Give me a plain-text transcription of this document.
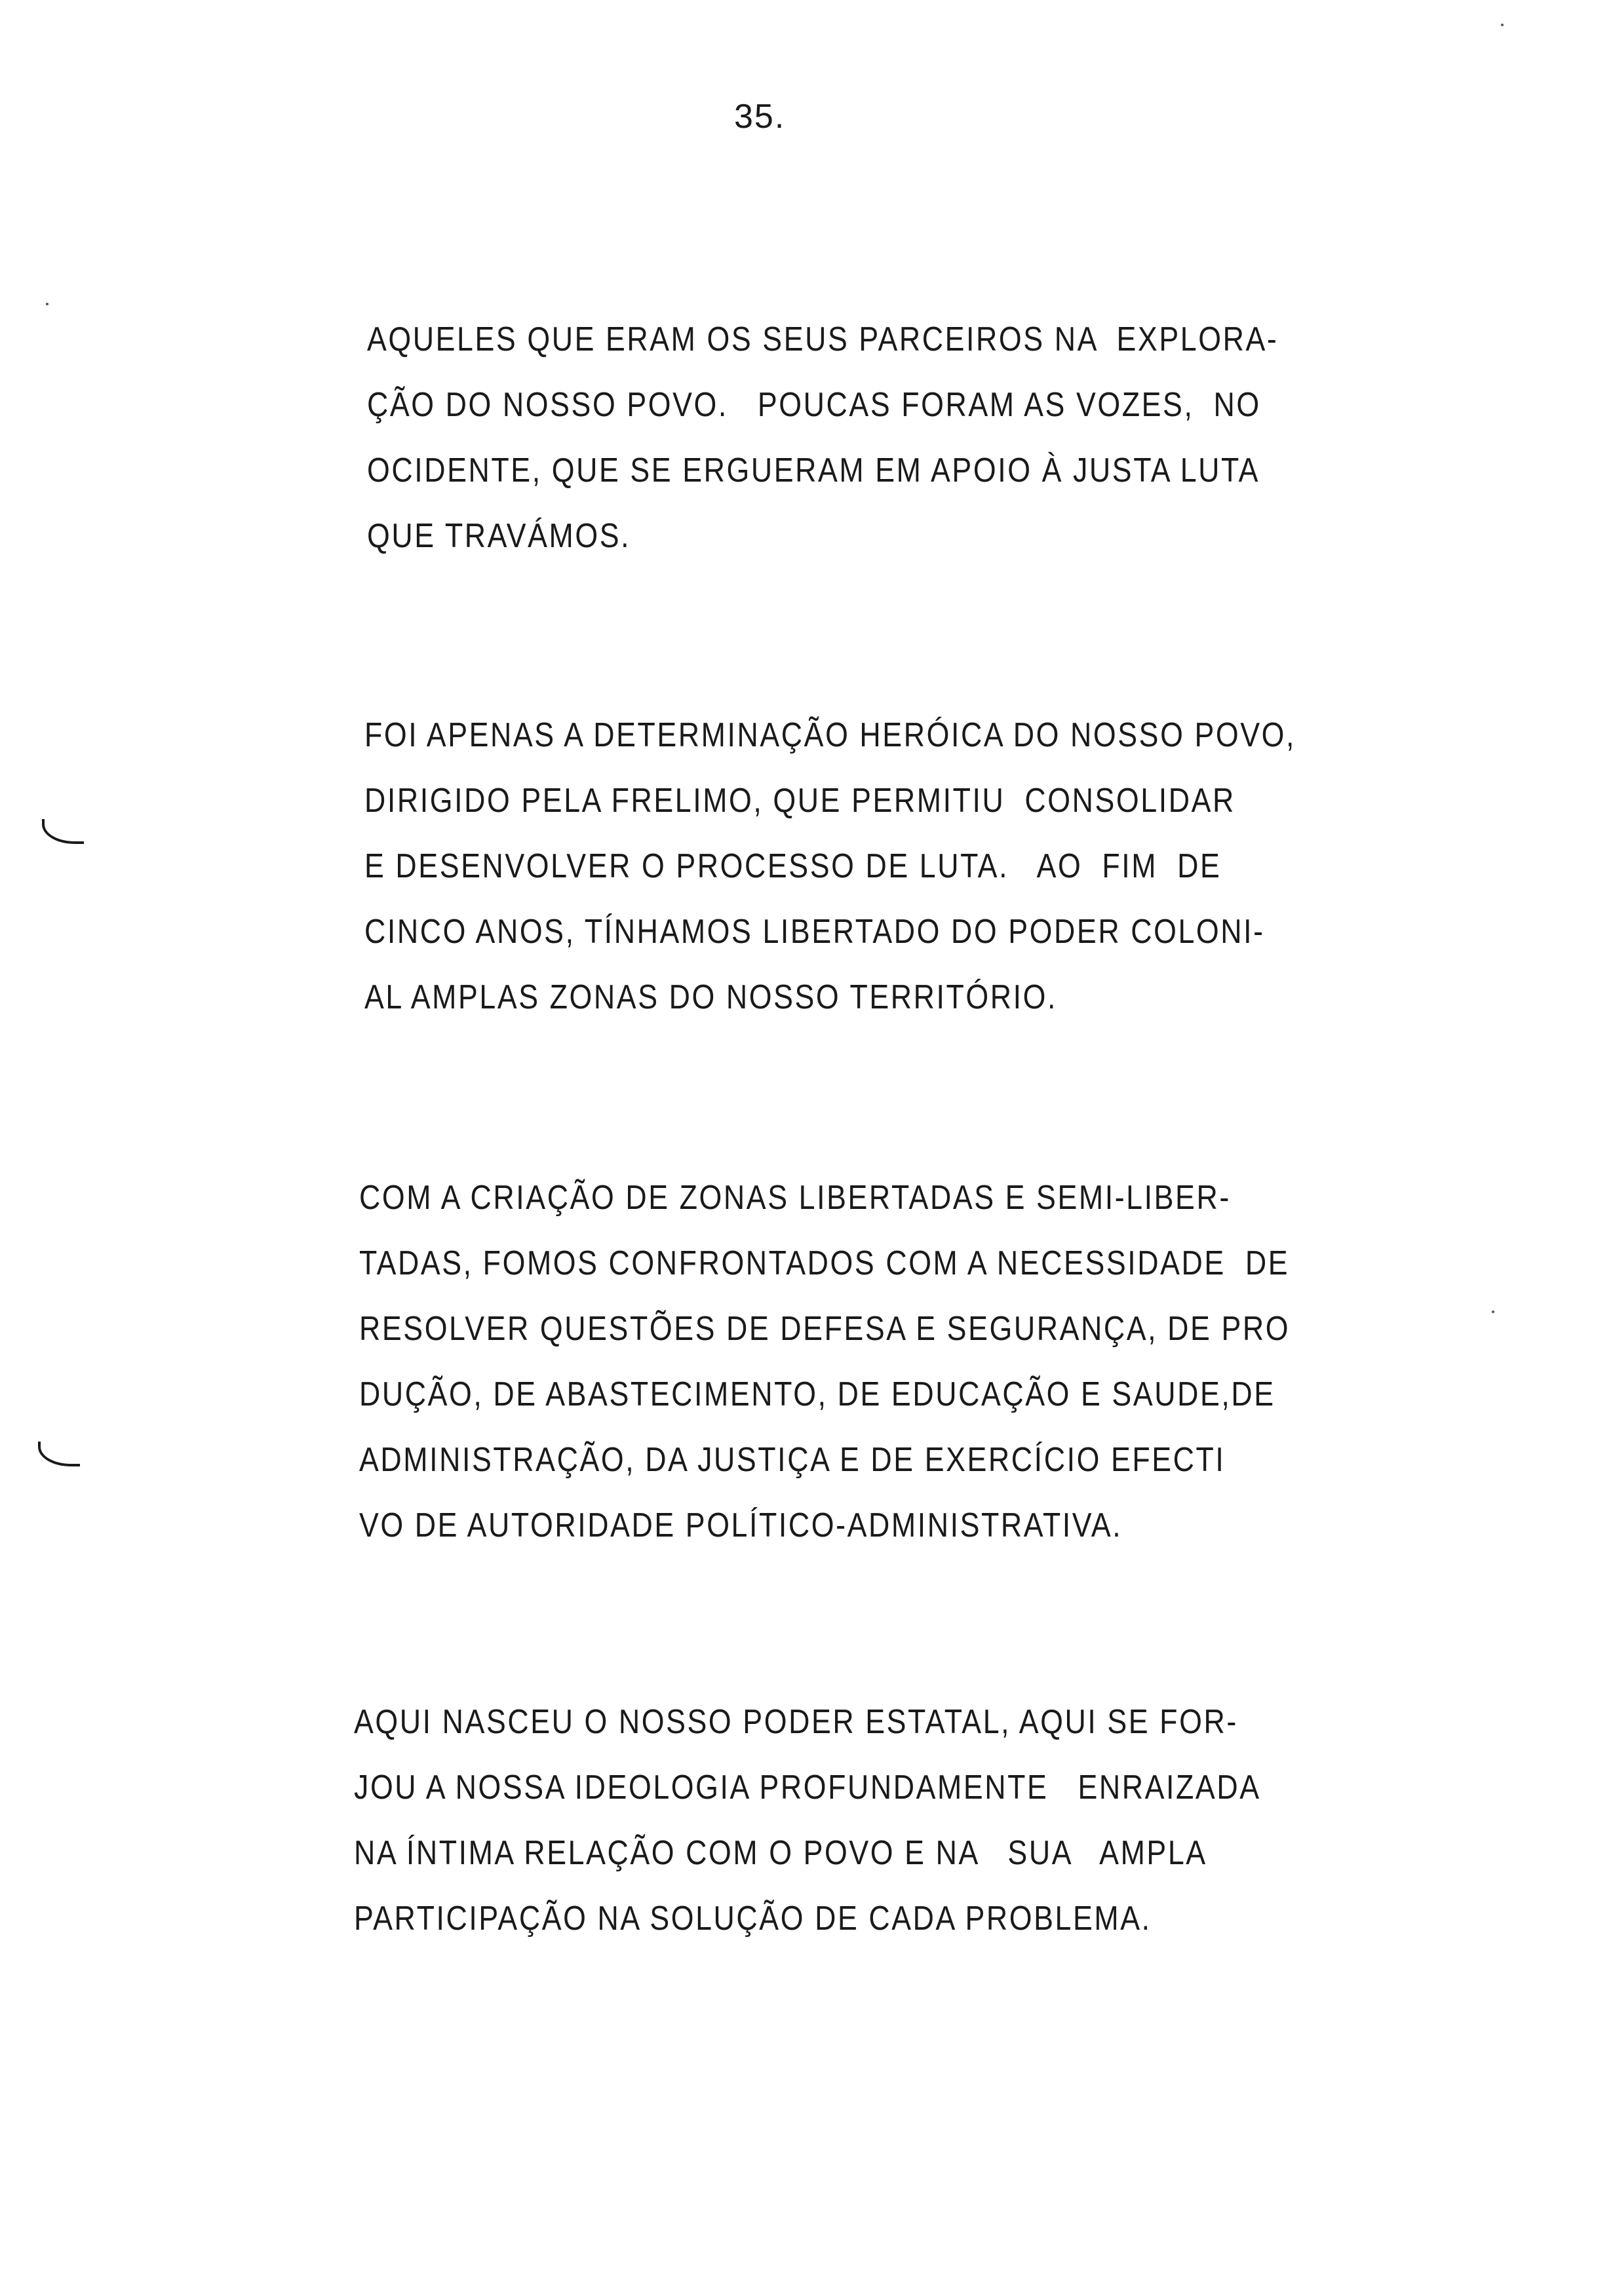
35.
AQUELES QUE ERAM OS SEUS PARCEIROS NA  EXPLORA-
ÇÃO DO NOSSO POVO.   POUCAS FORAM AS VOZES,  NO
OCIDENTE, QUE SE ERGUERAM EM APOIO À JUSTA LUTA
QUE TRAVÁMOS.
FOI APENAS A DETERMINAÇÃO HERÓICA DO NOSSO POVO,
DIRIGIDO PELA FRELIMO, QUE PERMITIU  CONSOLIDAR
E DESENVOLVER O PROCESSO DE LUTA.   AO  FIM  DE
CINCO ANOS, TÍNHAMOS LIBERTADO DO PODER COLONI-
AL AMPLAS ZONAS DO NOSSO TERRITÓRIO.
COM A CRIAÇÃO DE ZONAS LIBERTADAS E SEMI-LIBER-
TADAS, FOMOS CONFRONTADOS COM A NECESSIDADE  DE
RESOLVER QUESTÕES DE DEFESA E SEGURANÇA, DE PRO
DUÇÃO, DE ABASTECIMENTO, DE EDUCAÇÃO E SAUDE,DE
ADMINISTRAÇÃO, DA JUSTIÇA E DE EXERCÍCIO EFECTI
VO DE AUTORIDADE POLÍTICO-ADMINISTRATIVA.
AQUI NASCEU O NOSSO PODER ESTATAL, AQUI SE FOR-
JOU A NOSSA IDEOLOGIA PROFUNDAMENTE   ENRAIZADA
NA ÍNTIMA RELAÇÃO COM O POVO E NA   SUA   AMPLA
PARTICIPAÇÃO NA SOLUÇÃO DE CADA PROBLEMA.
